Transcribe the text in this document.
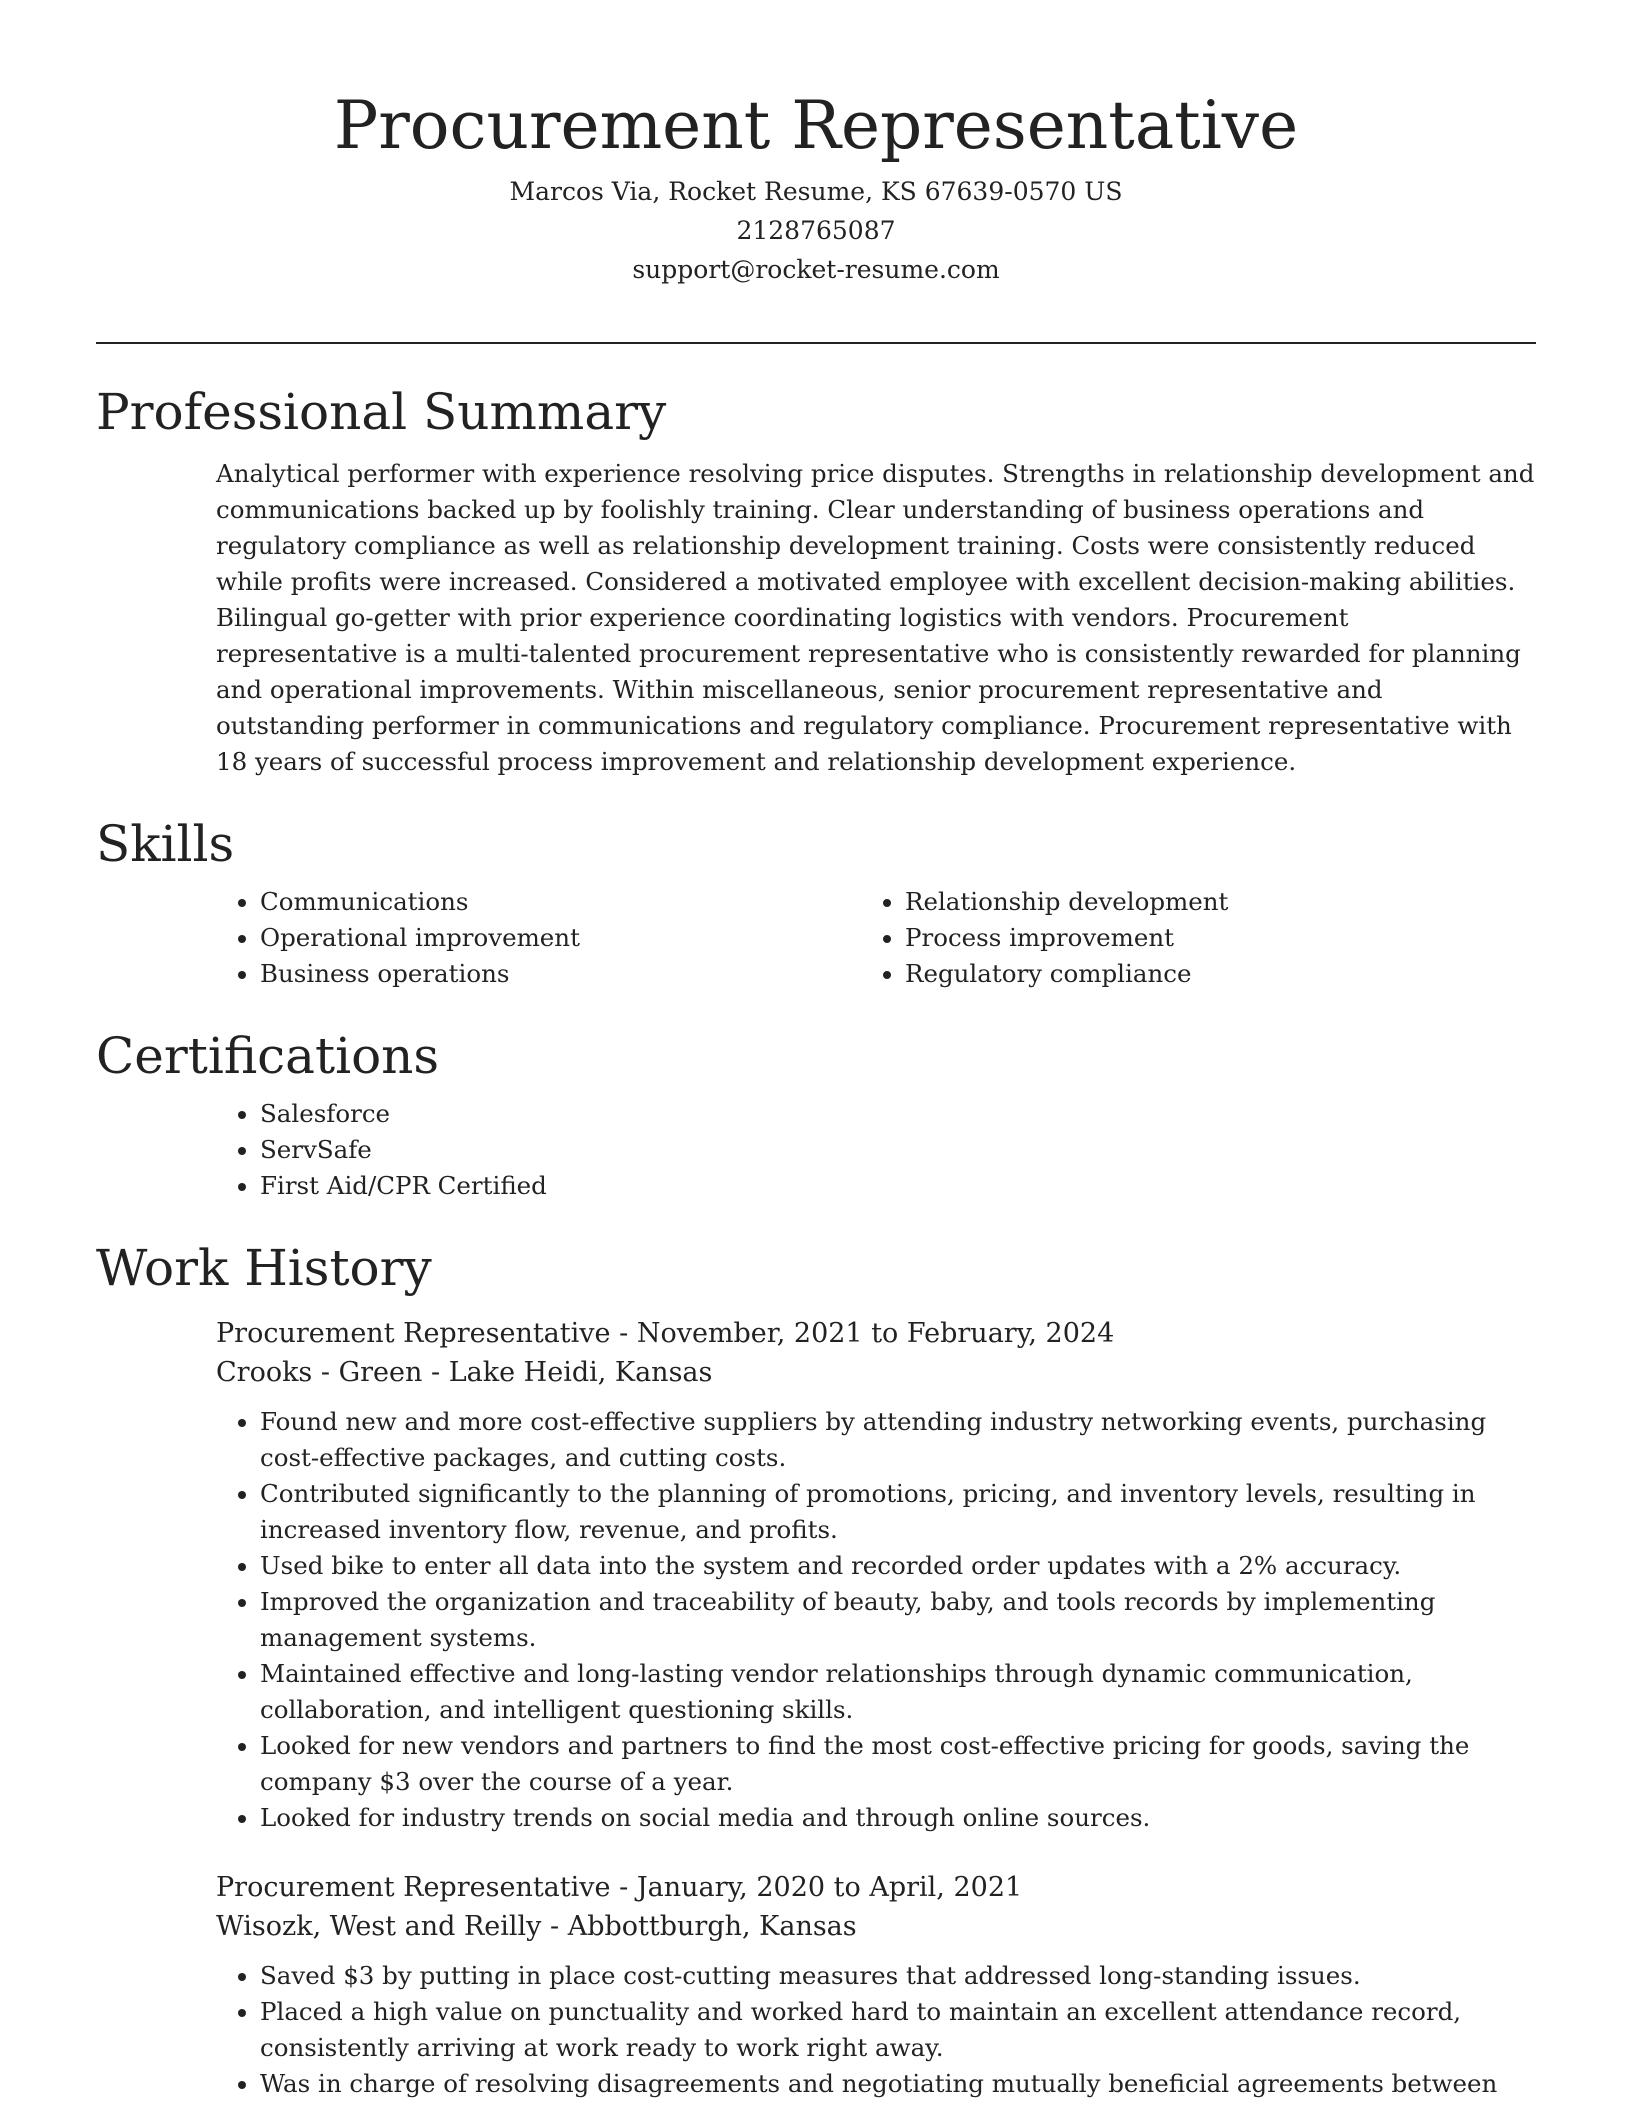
Procurement Representative
Marcos Via, Rocket Resume, KS 67639-0570 US
2128765087
support@rocket-resume.com
Professional Summary
Analytical performer with experience resolving price disputes. Strengths in relationship development and communications backed up by foolishly training. Clear understanding of business operations and regulatory compliance as well as relationship development training. Costs were consistently reduced while profits were increased. Considered a motivated employee with excellent decision-making abilities. Bilingual go-getter with prior experience coordinating logistics with vendors. Procurement representative is a multi-talented procurement representative who is consistently rewarded for planning and operational improvements. Within miscellaneous, senior procurement representative and outstanding performer in communications and regulatory compliance. Procurement representative with 18 years of successful process improvement and relationship development experience.
Skills
• Communications
• Operational improvement
• Business operations
• Relationship development
• Process improvement
• Regulatory compliance
Certifications
• Salesforce
• ServSafe
• First Aid/CPR Certified
Work History
Procurement Representative - November, 2021 to February, 2024
Crooks - Green - Lake Heidi, Kansas
• Found new and more cost-effective suppliers by attending industry networking events, purchasing cost-effective packages, and cutting costs.
• Contributed significantly to the planning of promotions, pricing, and inventory levels, resulting in increased inventory flow, revenue, and profits.
• Used bike to enter all data into the system and recorded order updates with a 2% accuracy.
• Improved the organization and traceability of beauty, baby, and tools records by implementing management systems.
• Maintained effective and long-lasting vendor relationships through dynamic communication, collaboration, and intelligent questioning skills.
• Looked for new vendors and partners to find the most cost-effective pricing for goods, saving the company $3 over the course of a year.
• Looked for industry trends on social media and through online sources.
Procurement Representative - January, 2020 to April, 2021
Wisozk, West and Reilly - Abbottburgh, Kansas
• Saved $3 by putting in place cost-cutting measures that addressed long-standing issues.
• Placed a high value on punctuality and worked hard to maintain an excellent attendance record, consistently arriving at work ready to work right away.
• Was in charge of resolving disagreements and negotiating mutually beneficial agreements between
